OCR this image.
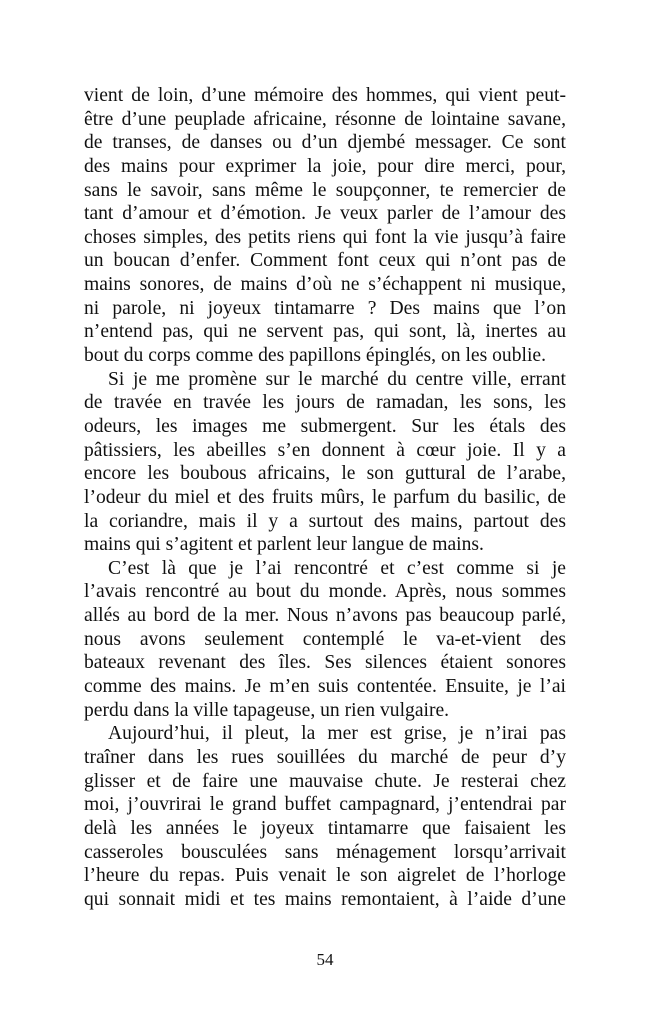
vient de loin, d’une mémoire des hommes, qui vient peut-
être d’une peuplade africaine, résonne de lointaine savane,
de transes, de danses ou d’un djembé messager. Ce sont
des mains pour exprimer la joie, pour dire merci, pour,
sans le savoir, sans même le soupçonner, te remercier de
tant d’amour et d’émotion. Je veux parler de l’amour des
choses simples, des petits riens qui font la vie jusqu’à faire
un boucan d’enfer. Comment font ceux qui n’ont pas de
mains sonores, de mains d’où ne s’échappent ni musique,
ni parole, ni joyeux tintamarre ? Des mains que l’on
n’entend pas, qui ne servent pas, qui sont, là, inertes au
bout du corps comme des papillons épinglés, on les oublie.
Si je me promène sur le marché du centre ville, errant
de travée en travée les jours de ramadan, les sons, les
odeurs, les images me submergent. Sur les étals des
pâtissiers, les abeilles s’en donnent à cœur joie. Il y a
encore les boubous africains, le son guttural de l’arabe,
l’odeur du miel et des fruits mûrs, le parfum du basilic, de
la coriandre, mais il y a surtout des mains, partout des
mains qui s’agitent et parlent leur langue de mains.
C’est là que je l’ai rencontré et c’est comme si je
l’avais rencontré au bout du monde. Après, nous sommes
allés au bord de la mer. Nous n’avons pas beaucoup parlé,
nous avons seulement contemplé le va-et-vient des
bateaux revenant des îles. Ses silences étaient sonores
comme des mains. Je m’en suis contentée. Ensuite, je l’ai
perdu dans la ville tapageuse, un rien vulgaire.
Aujourd’hui, il pleut, la mer est grise, je n’irai pas
traîner dans les rues souillées du marché de peur d’y
glisser et de faire une mauvaise chute. Je resterai chez
moi, j’ouvrirai le grand buffet campagnard, j’entendrai par
delà les années le joyeux tintamarre que faisaient les
casseroles bousculées sans ménagement lorsqu’arrivait
l’heure du repas. Puis venait le son aigrelet de l’horloge
qui sonnait midi et tes mains remontaient, à l’aide d’une
54
